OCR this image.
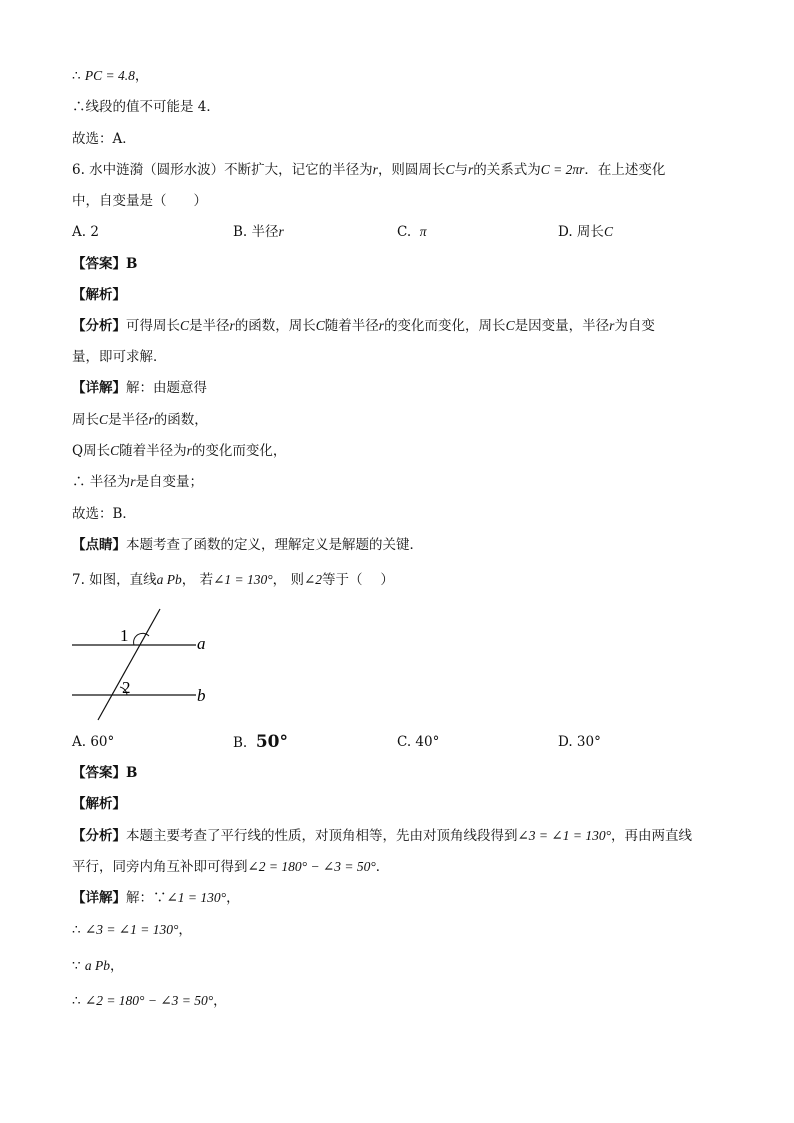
∴ PC = 4.8，
∴线段的值不可能是 4．
故选：A．
6. 水中涟漪（圆形水波）不断扩大，记它的半径为r，则圆周长C与r的关系式为C = 2πr．在上述变化
中，自变量是（　　）
A. 2	B. 半径r	C. π	D. 周长C
【答案】B
【解析】
【分析】可得周长C是半径r的函数，周长C随着半径r的变化而变化，周长C是因变量，半径r为自变
量，即可求解．
【详解】解：由题意得
周长C是半径r的函数，
Q周长C随着半径为r的变化而变化，
∴ 半径为r是自变量；
故选：B．
【点睛】本题考查了函数的定义，理解定义是解题的关键．
7. 如图，直线a Pb， 若∠1 = 130°， 则∠2等于（　 ）
1
2
a
b
A. 60°	B. 50°	C. 40°	D. 30°
【答案】B
【解析】
【分析】本题主要考查了平行线的性质，对顶角相等，先由对顶角线段得到∠3 = ∠1 = 130°，再由两直线
平行，同旁内角互补即可得到∠2 = 180° − ∠3 = 50°．
【详解】解：∵∠1 = 130°，
∴ ∠3 = ∠1 = 130°，
∵ a Pb，
∴ ∠2 = 180° − ∠3 = 50°，
